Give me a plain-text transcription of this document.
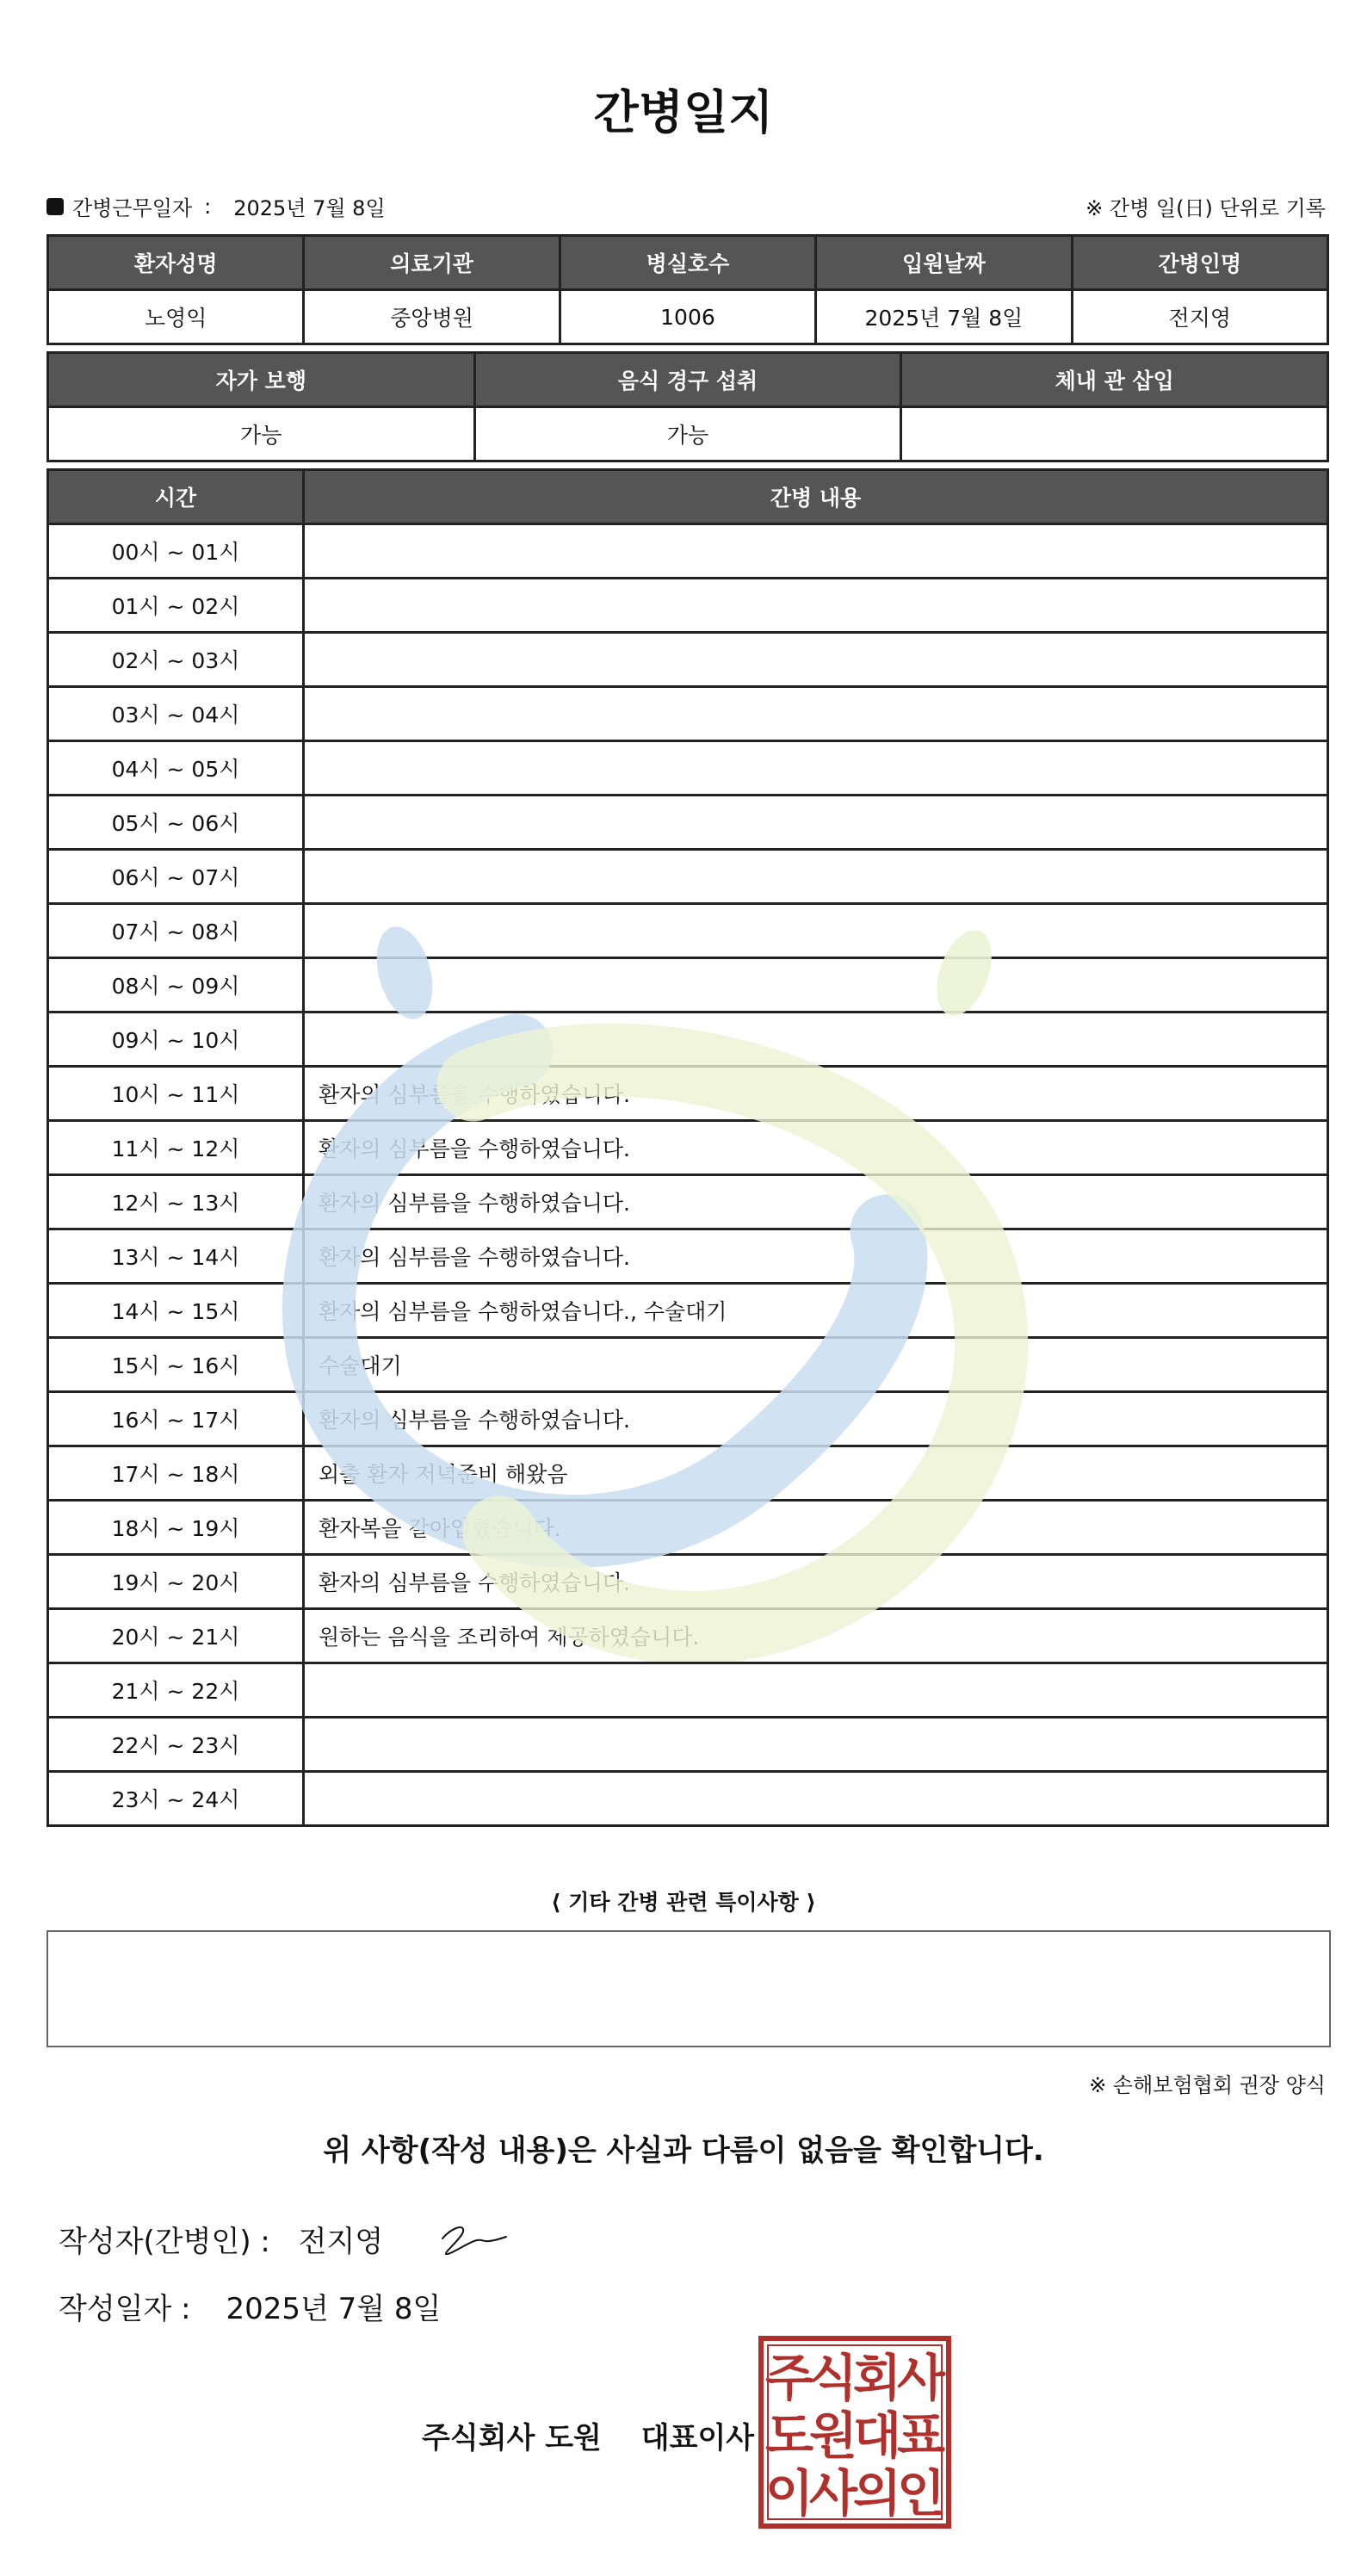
간병일지
간병근무일자 : 2025년 7월 8일	※ 간병 일(日) 단위로 기록
환자성명	의료기관	병실호수	입원날짜	간병인명
노영익	중앙병원	1006	2025년 7월 8일	전지영
자가 보행	음식 경구 섭취	체내 관 삽입
가능	가능	
시간	간병 내용
00시 ~ 01시	
01시 ~ 02시	
02시 ~ 03시	
03시 ~ 04시	
04시 ~ 05시	
05시 ~ 06시	
06시 ~ 07시	
07시 ~ 08시	
08시 ~ 09시	
09시 ~ 10시	
10시 ~ 11시	환자의 심부름을 수행하였습니다.
11시 ~ 12시	환자의 심부름을 수행하였습니다.
12시 ~ 13시	환자의 심부름을 수행하였습니다.
13시 ~ 14시	환자의 심부름을 수행하였습니다.
14시 ~ 15시	환자의 심부름을 수행하였습니다., 수술대기
15시 ~ 16시	수술대기
16시 ~ 17시	환자의 심부름을 수행하였습니다.
17시 ~ 18시	외출 환자 저녁준비 해왔음
18시 ~ 19시	환자복을 갈아입혔습니다.
19시 ~ 20시	환자의 심부름을 수행하였습니다.
20시 ~ 21시	원하는 음식을 조리하여 제공하였습니다.
21시 ~ 22시	
22시 ~ 23시	
23시 ~ 24시	
⟨ 기타 간병 관련 특이사항 ⟩
※ 손해보험협회 권장 양식
위 사항(작성 내용)은 사실과 다름이 없음을 확인합니다.
작성자(간병인) : 전지영
작성일자 : 2025년 7월 8일
주식회사 도원 대표이사
주
식
회
사
도
원
대
표
이
사
의
인
